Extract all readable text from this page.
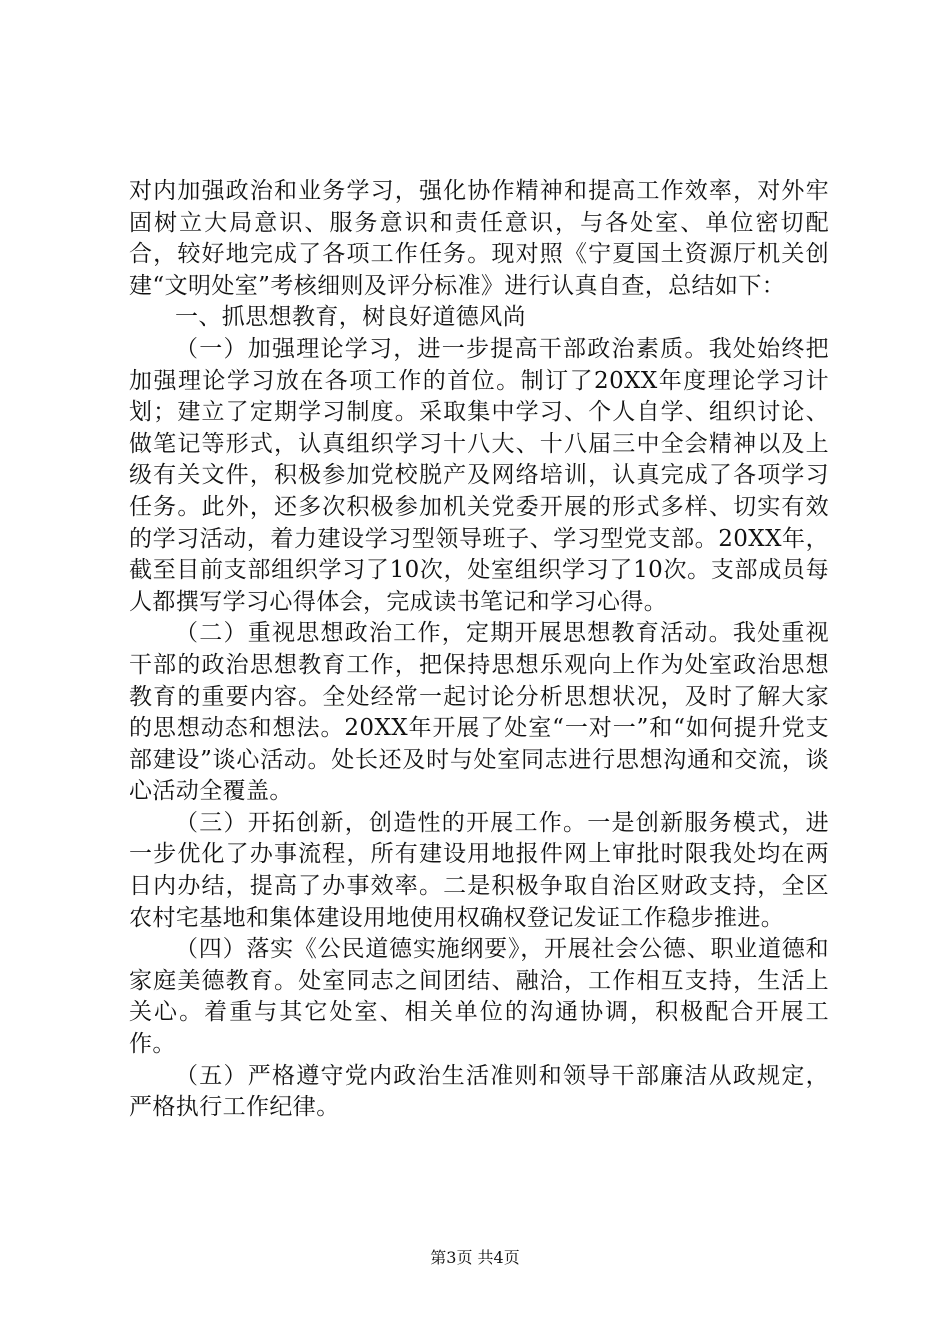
对内加强政治和业务学习，强化协作精神和提高工作效率，对外牢固树立大局意识、服务意识和责任意识，与各处室、单位密切配合，较好地完成了各项工作任务。现对照《宁夏国土资源厅机关创建“文明处室”考核细则及评分标准》进行认真自查，总结如下：

一、抓思想教育，树良好道德风尚

（一）加强理论学习，进一步提高干部政治素质。我处始终把加强理论学习放在各项工作的首位。制订了20XX年度理论学习计划；建立了定期学习制度。采取集中学习、个人自学、组织讨论、做笔记等形式，认真组织学习十八大、十八届三中全会精神以及上级有关文件，积极参加党校脱产及网络培训，认真完成了各项学习任务。此外，还多次积极参加机关党委开展的形式多样、切实有效的学习活动，着力建设学习型领导班子、学习型党支部。20XX年，截至目前支部组织学习了10次，处室组织学习了10次。支部成员每人都撰写学习心得体会，完成读书笔记和学习心得。

（二）重视思想政治工作，定期开展思想教育活动。我处重视干部的政治思想教育工作，把保持思想乐观向上作为处室政治思想教育的重要内容。全处经常一起讨论分析思想状况，及时了解大家的思想动态和想法。20XX年开展了处室“一对一”和“如何提升党支部建设”谈心活动。处长还及时与处室同志进行思想沟通和交流，谈心活动全覆盖。

（三）开拓创新，创造性的开展工作。一是创新服务模式，进一步优化了办事流程，所有建设用地报件网上审批时限我处均在两日内办结，提高了办事效率。二是积极争取自治区财政支持，全区农村宅基地和集体建设用地使用权确权登记发证工作稳步推进。

（四）落实《公民道德实施纲要》，开展社会公德、职业道德和家庭美德教育。处室同志之间团结、融洽，工作相互支持，生活上关心。着重与其它处室、相关单位的沟通协调，积极配合开展工作。

（五）严格遵守党内政治生活准则和领导干部廉洁从政规定，严格执行工作纪律。

第3页 共4页
